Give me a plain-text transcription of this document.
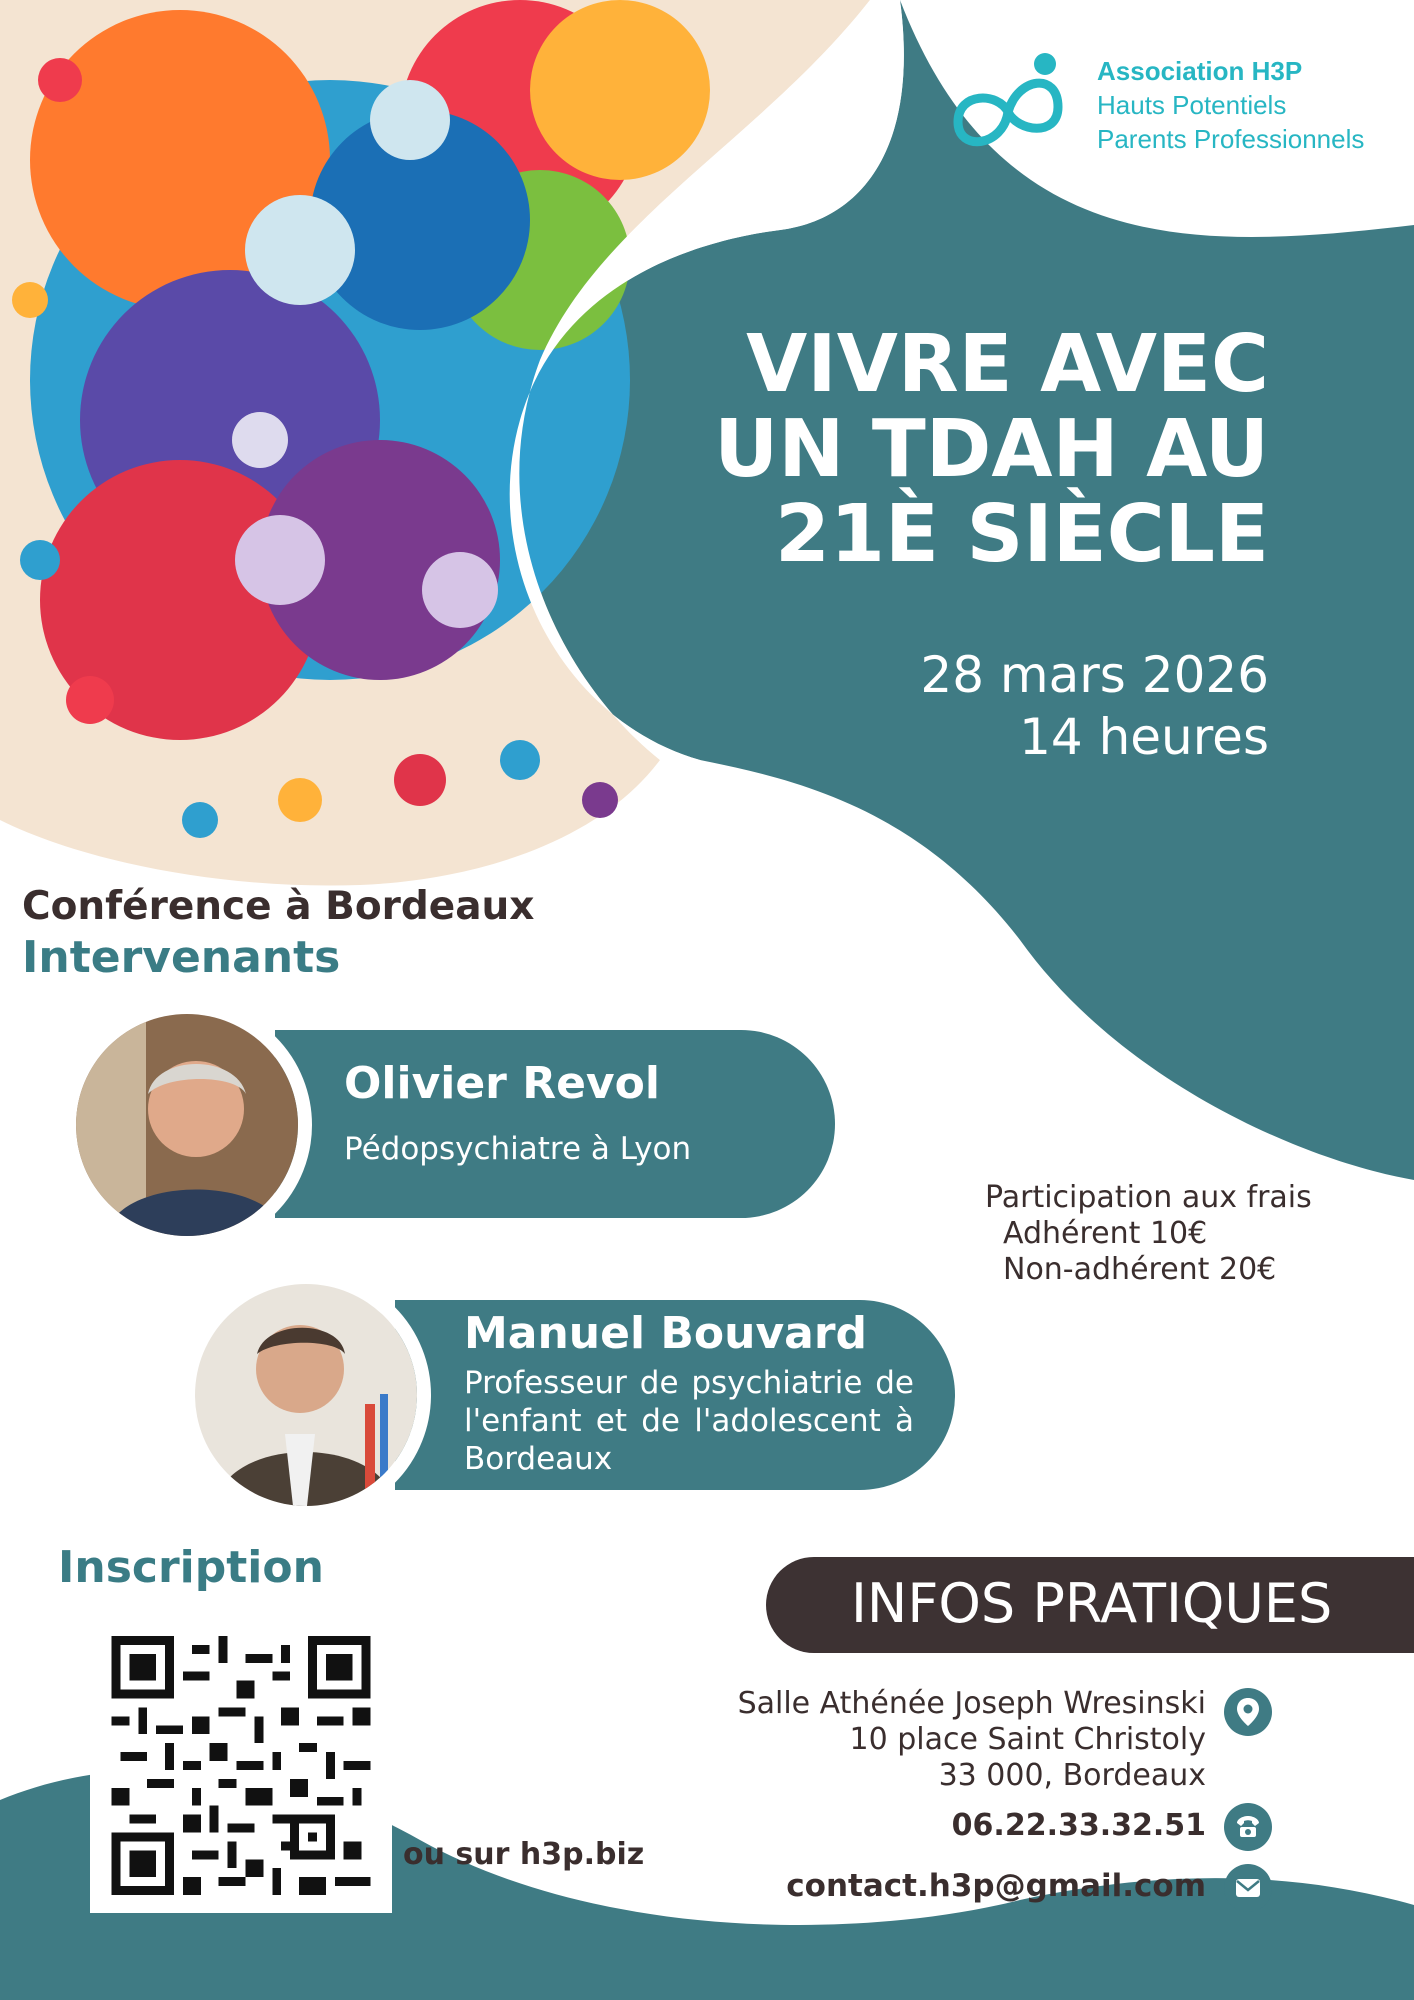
Association H3P
Hauts Potentiels
Parents Professionnels
VIVRE AVEC
UN TDAH AU
21È SIÈCLE
28 mars 2026
14 heures
Conférence à Bordeaux
Intervenants
Olivier Revol
Pédopsychiatre à Lyon
Manuel Bouvard
Professeur de psychiatrie de l'enfant et de l'adolescent à Bordeaux
Participation aux frais
Adhérent 10€
Non-adhérent 20€
Inscription
ou sur h3p.biz
INFOS PRATIQUES
Salle Athénée Joseph Wresinski
10 place Saint Christoly
33 000, Bordeaux
06.22.33.32.51
contact.h3p@gmail.com
